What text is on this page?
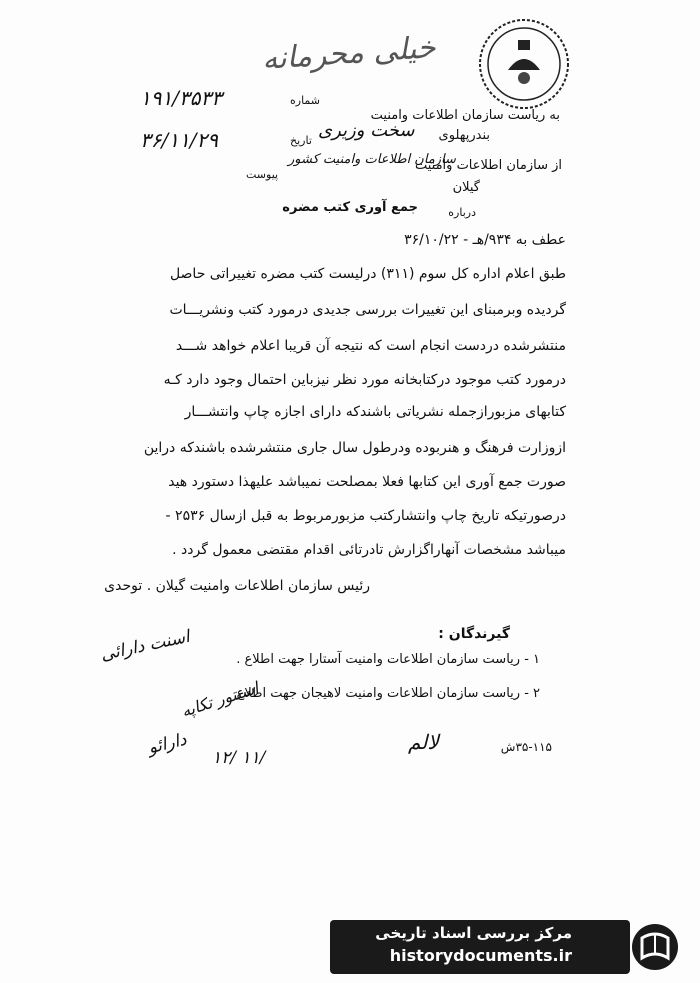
خیلی محرمانه
به ریاست سازمان اطلاعات وامنیت
بندرپهلوی
شماره
۱۹۱/۳۵۳۳
تاریخ
۳۶/۱۱/۲۹
پیوست
سخت وزیری
از سازمان اطلاعات وامنیت
سازمان اطلاعات وامنیت کشور
گیلان
درباره
جمع آوری کتب مضره
عطف به ۹۳۴/هـ - ۳۶/۱۰/۲۲
طبق اعلام اداره کل سوم (۳۱۱) درلیست کتب مضره تغییراتی حاصل
گردیده وبرمبنای این تغییرات بررسی جدیدی درمورد کتب ونشریـــات
منتشرشده دردست انجام است که نتیجه آن قریبا اعلام خواهد شـــد
درمورد کتب موجود درکتابخانه مورد نظر نیزباین احتمال وجود دارد کـه
کتابهای مزبورازجمله نشریاتی باشندکه دارای اجازه چاپ وانتشـــار
ازوزارت فرهنگ و هنربوده ودرطول سال جاری منتشرشده باشندکه دراین
صورت جمع آوری این کتابها فعلا بمصلحت نمیباشد علیهذا دستورد هید
درصورتیکه تاریخ چاپ وانتشارکتب مزبورمربوط به قبل ازسال ۲۵۳۶ -
میباشد مشخصات آنهاراگزارش تادرتائی اقدام مقتضی معمول گردد .
رئیس سازمان اطلاعات وامنیت گیلان . توحدی
گیرندگان :
۱ - ریاست سازمان اطلاعات وامنیت آستارا جهت اطلاع .
۲ - ریاست سازمان اطلاعات وامنیت لاهیجان جهت اطلاع
اسنت دارائی
اسنتور تکاپه
دارائو ۱۲/ ۱۱/
لالم	۳۵-۱۱۵ش
مرکز بررسی اسناد تاریخی
historydocuments.ir
